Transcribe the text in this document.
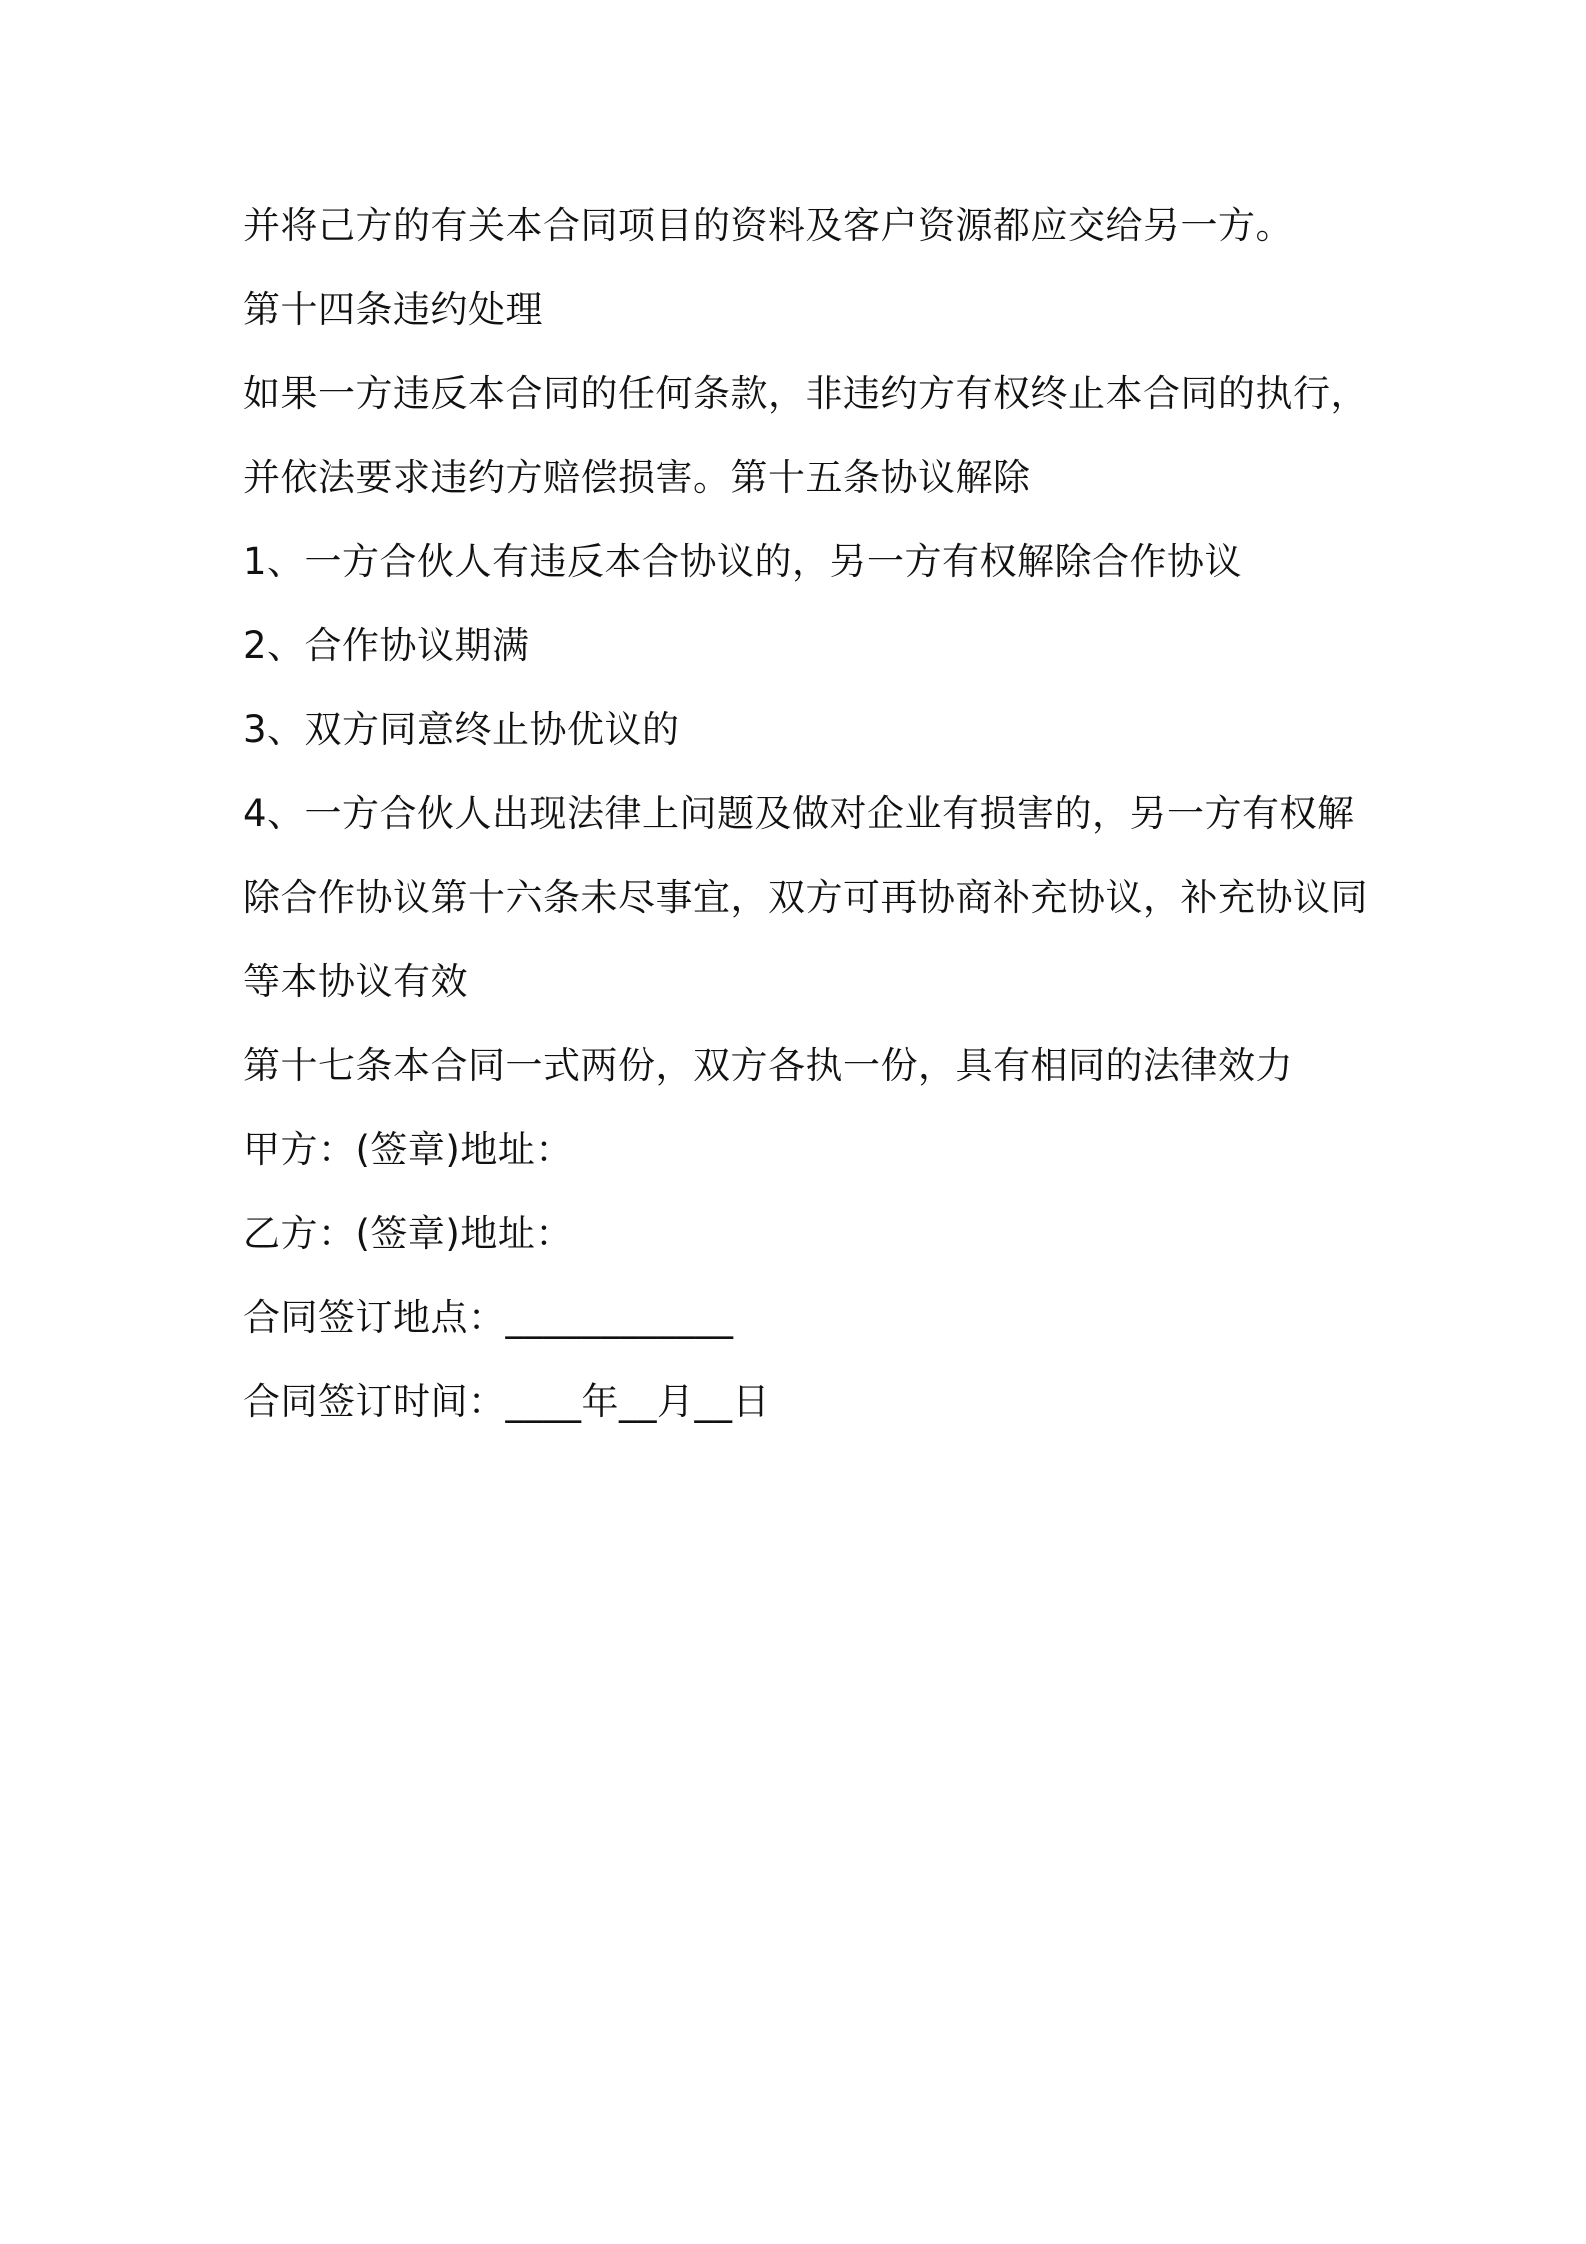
并将己方的有关本合同项目的资料及客户资源都应交给另一方。
第十四条违约处理
如果一方违反本合同的任何条款，非违约方有权终止本合同的执行，
并依法要求违约方赔偿损害。第十五条协议解除
1、一方合伙人有违反本合协议的，另一方有权解除合作协议
2、合作协议期满
3、双方同意终止协优议的
4、一方合伙人出现法律上问题及做对企业有损害的，另一方有权解
除合作协议第十六条未尽事宜，双方可再协商补充协议，补充协议同
等本协议有效
第十七条本合同一式两份，双方各执一份，具有相同的法律效力
甲方：(签章)地址：
乙方：(签章)地址：
合同签订地点：____________
合同签订时间：____年__月__日
